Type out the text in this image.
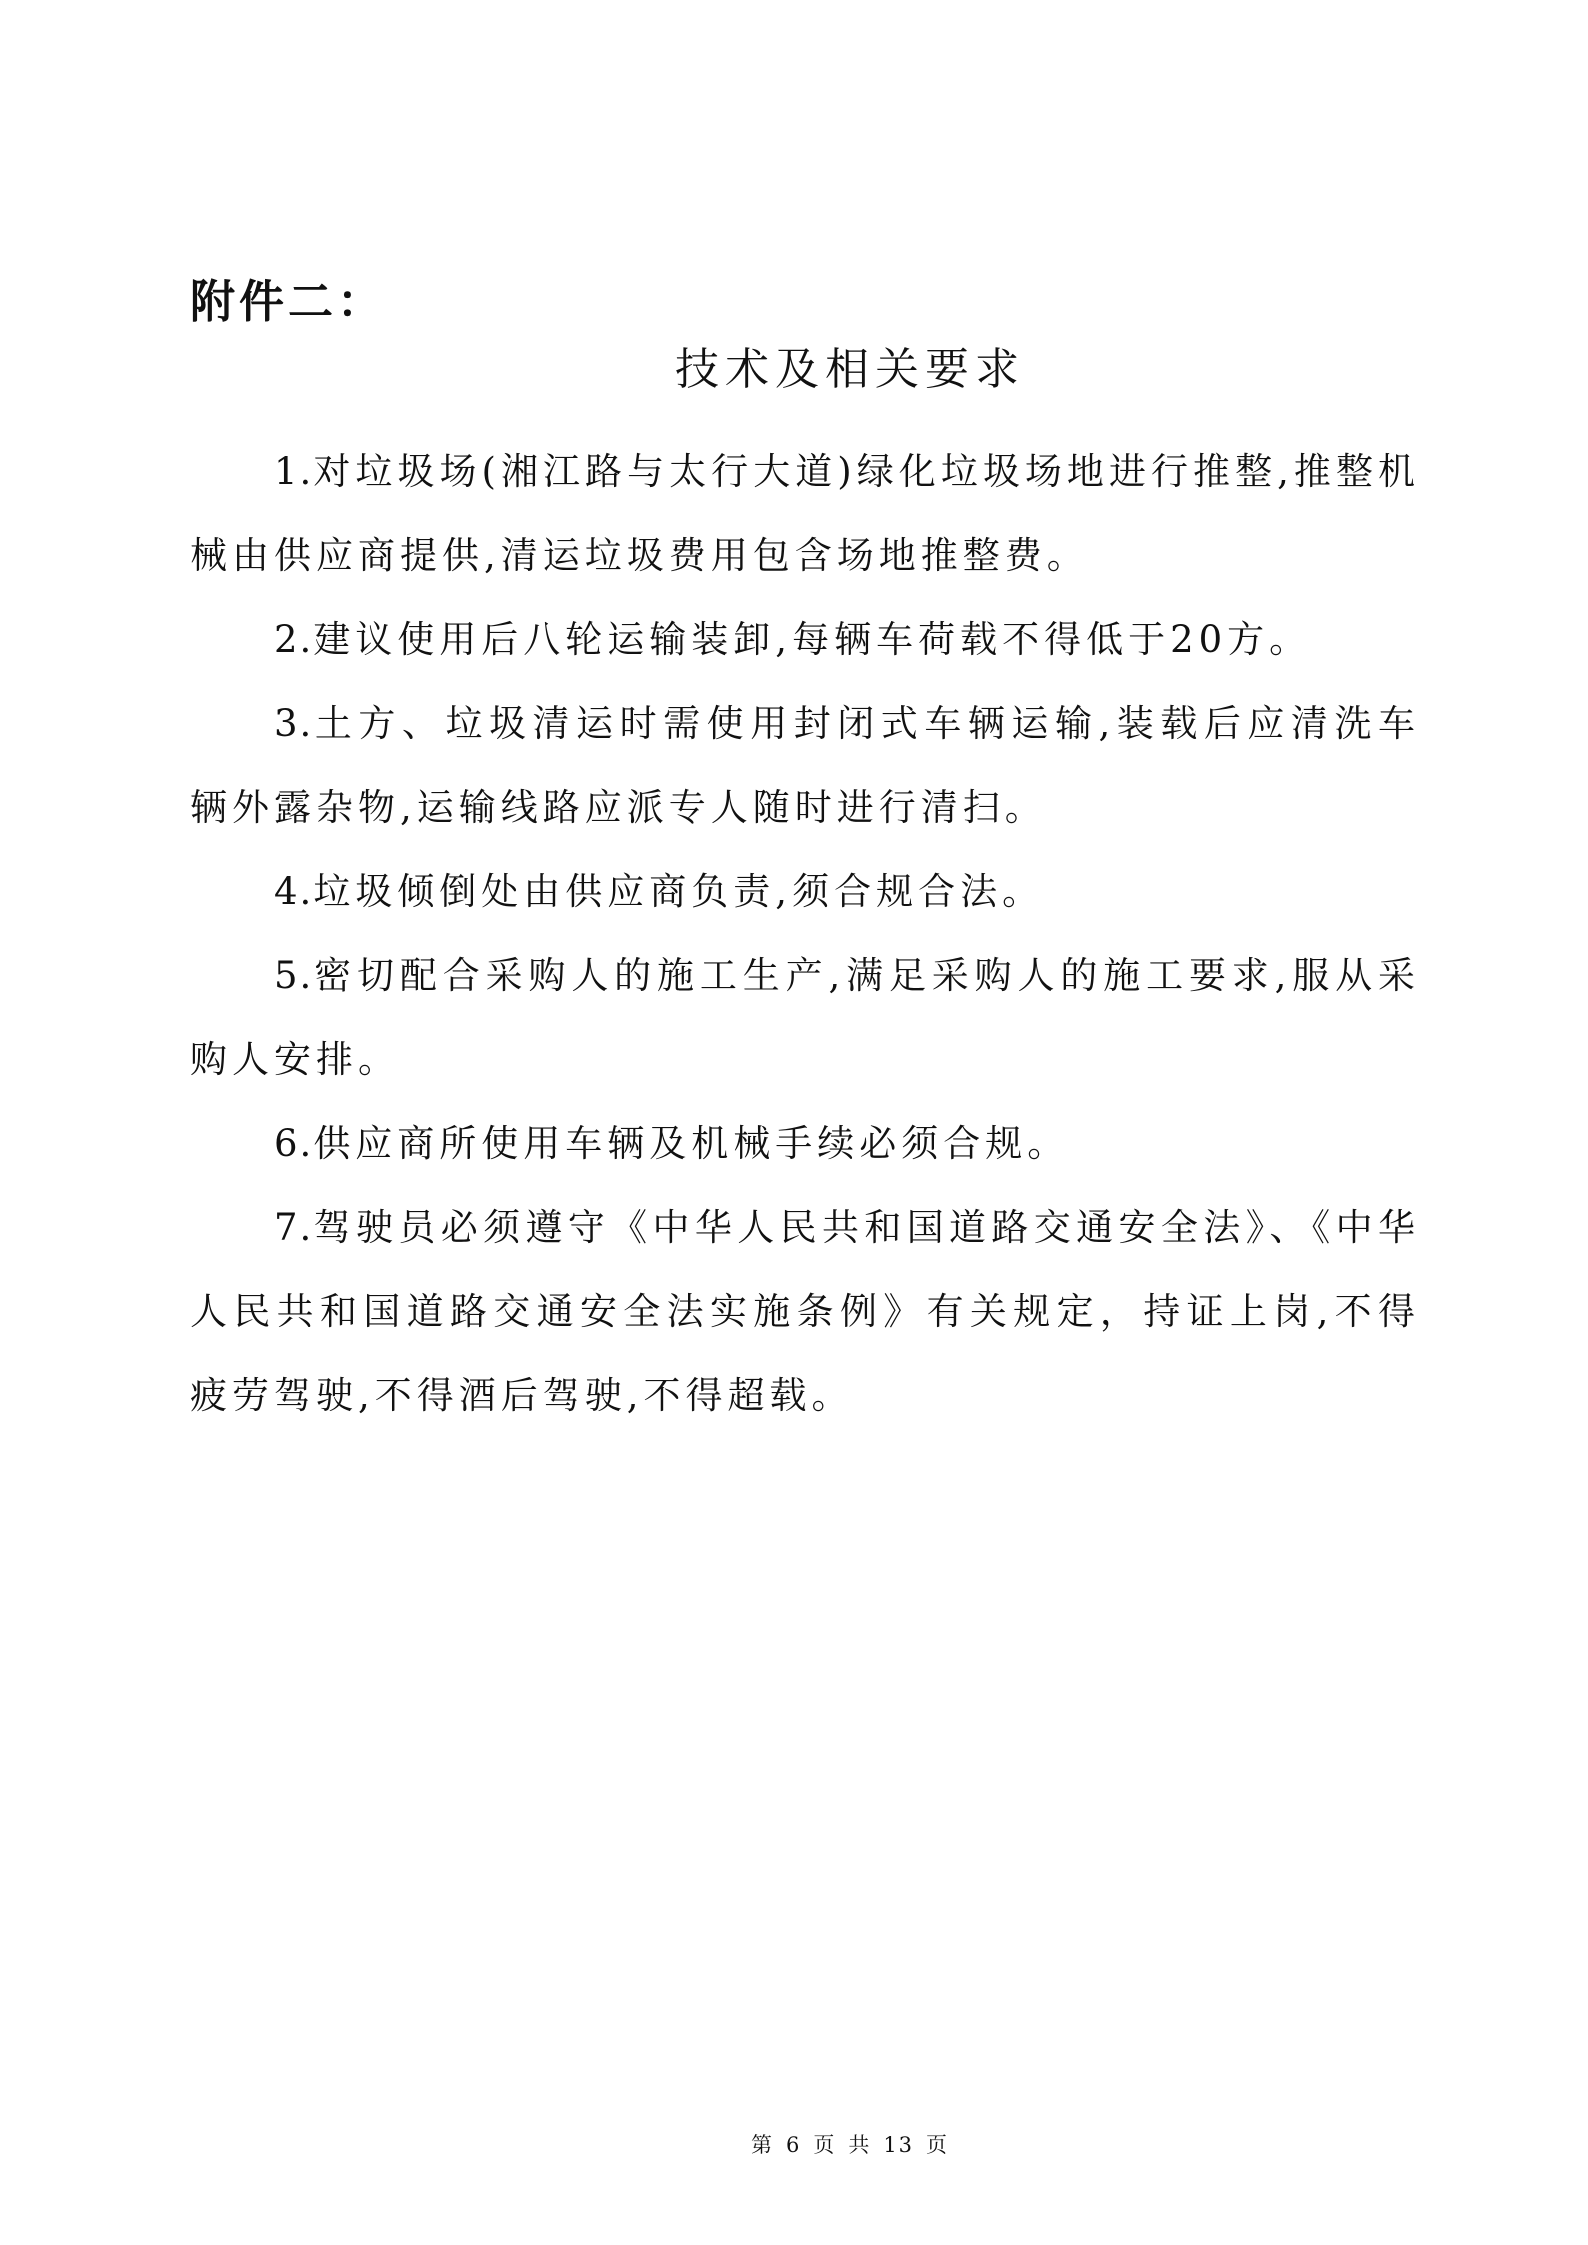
附件二：

技术及相关要求

1.对垃圾场(湘江路与太行大道)绿化垃圾场地进行推整,推整机械由供应商提供,清运垃圾费用包含场地推整费。

2.建议使用后八轮运输装卸,每辆车荷载不得低于20方。

3.土方、垃圾清运时需使用封闭式车辆运输,装载后应清洗车辆外露杂物,运输线路应派专人随时进行清扫。

4.垃圾倾倒处由供应商负责,须合规合法。

5.密切配合采购人的施工生产,满足采购人的施工要求,服从采购人安排。

6.供应商所使用车辆及机械手续必须合规。

7.驾驶员必须遵守《中华人民共和国道路交通安全法》、《中华人民共和国道路交通安全法实施条例》有关规定，持证上岗,不得疲劳驾驶,不得酒后驾驶,不得超载。

第 6 页 共 13 页
